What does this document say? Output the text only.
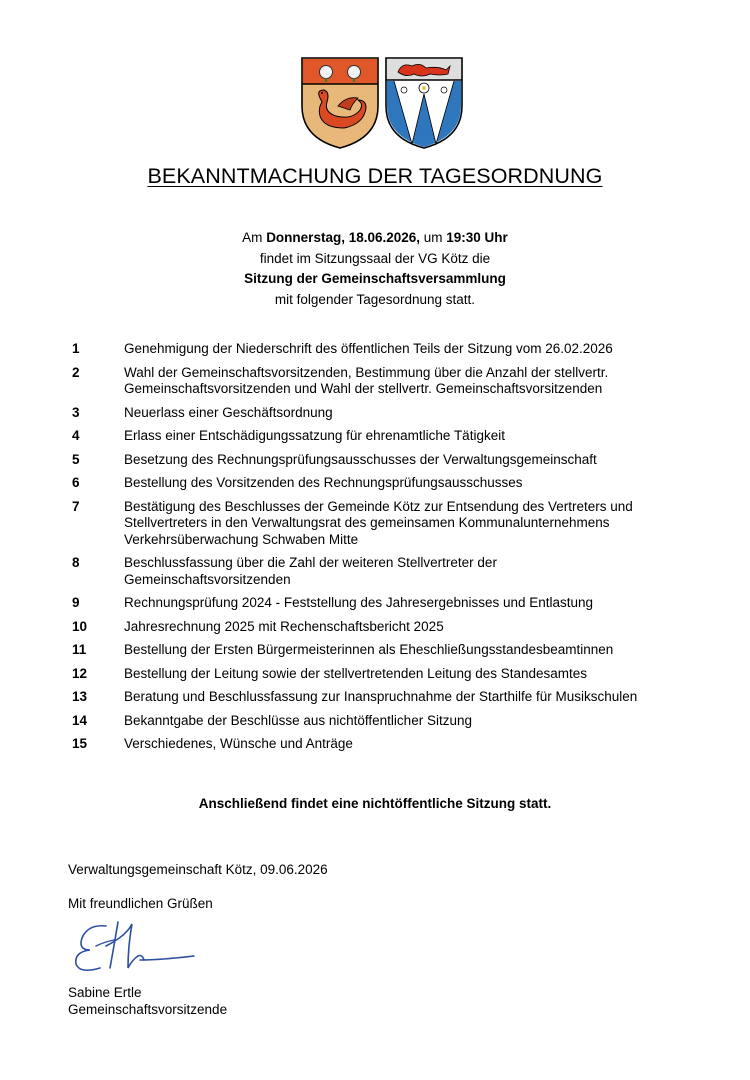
BEKANNTMACHUNG DER TAGESORDNUNG
Am Donnerstag, 18.06.2026, um 19:30 Uhr
findet im Sitzungssaal der VG Kötz die
Sitzung der Gemeinschaftsversammlung
mit folgender Tagesordnung statt.
1	Genehmigung der Niederschrift des öffentlichen Teils der Sitzung vom 26.02.2026
2	Wahl der Gemeinschaftsvorsitzenden, Bestimmung über die Anzahl der stellvertr.
Gemeinschaftsvorsitzenden und Wahl der stellvertr. Gemeinschaftsvorsitzenden
3	Neuerlass einer Geschäftsordnung
4	Erlass einer Entschädigungssatzung für ehrenamtliche Tätigkeit
5	Besetzung des Rechnungsprüfungsausschusses der Verwaltungsgemeinschaft
6	Bestellung des Vorsitzenden des Rechnungsprüfungsausschusses
7	Bestätigung des Beschlusses der Gemeinde Kötz zur Entsendung des Vertreters und
Stellvertreters in den Verwaltungsrat des gemeinsamen Kommunalunternehmens
Verkehrsüberwachung Schwaben Mitte
8	Beschlussfassung über die Zahl der weiteren Stellvertreter der
Gemeinschaftsvorsitzenden
9	Rechnungsprüfung 2024 - Feststellung des Jahresergebnisses und Entlastung
10	Jahresrechnung 2025 mit Rechenschaftsbericht 2025
11	Bestellung der Ersten Bürgermeisterinnen als Eheschließungsstandesbeamtinnen
12	Bestellung der Leitung sowie der stellvertretenden Leitung des Standesamtes
13	Beratung und Beschlussfassung zur Inanspruchnahme der Starthilfe für Musikschulen
14	Bekanntgabe der Beschlüsse aus nichtöffentlicher Sitzung
15	Verschiedenes, Wünsche und Anträge
Anschließend findet eine nichtöffentliche Sitzung statt.
Verwaltungsgemeinschaft Kötz, 09.06.2026
Mit freundlichen Grüßen
Sabine Ertle
Gemeinschaftsvorsitzende
